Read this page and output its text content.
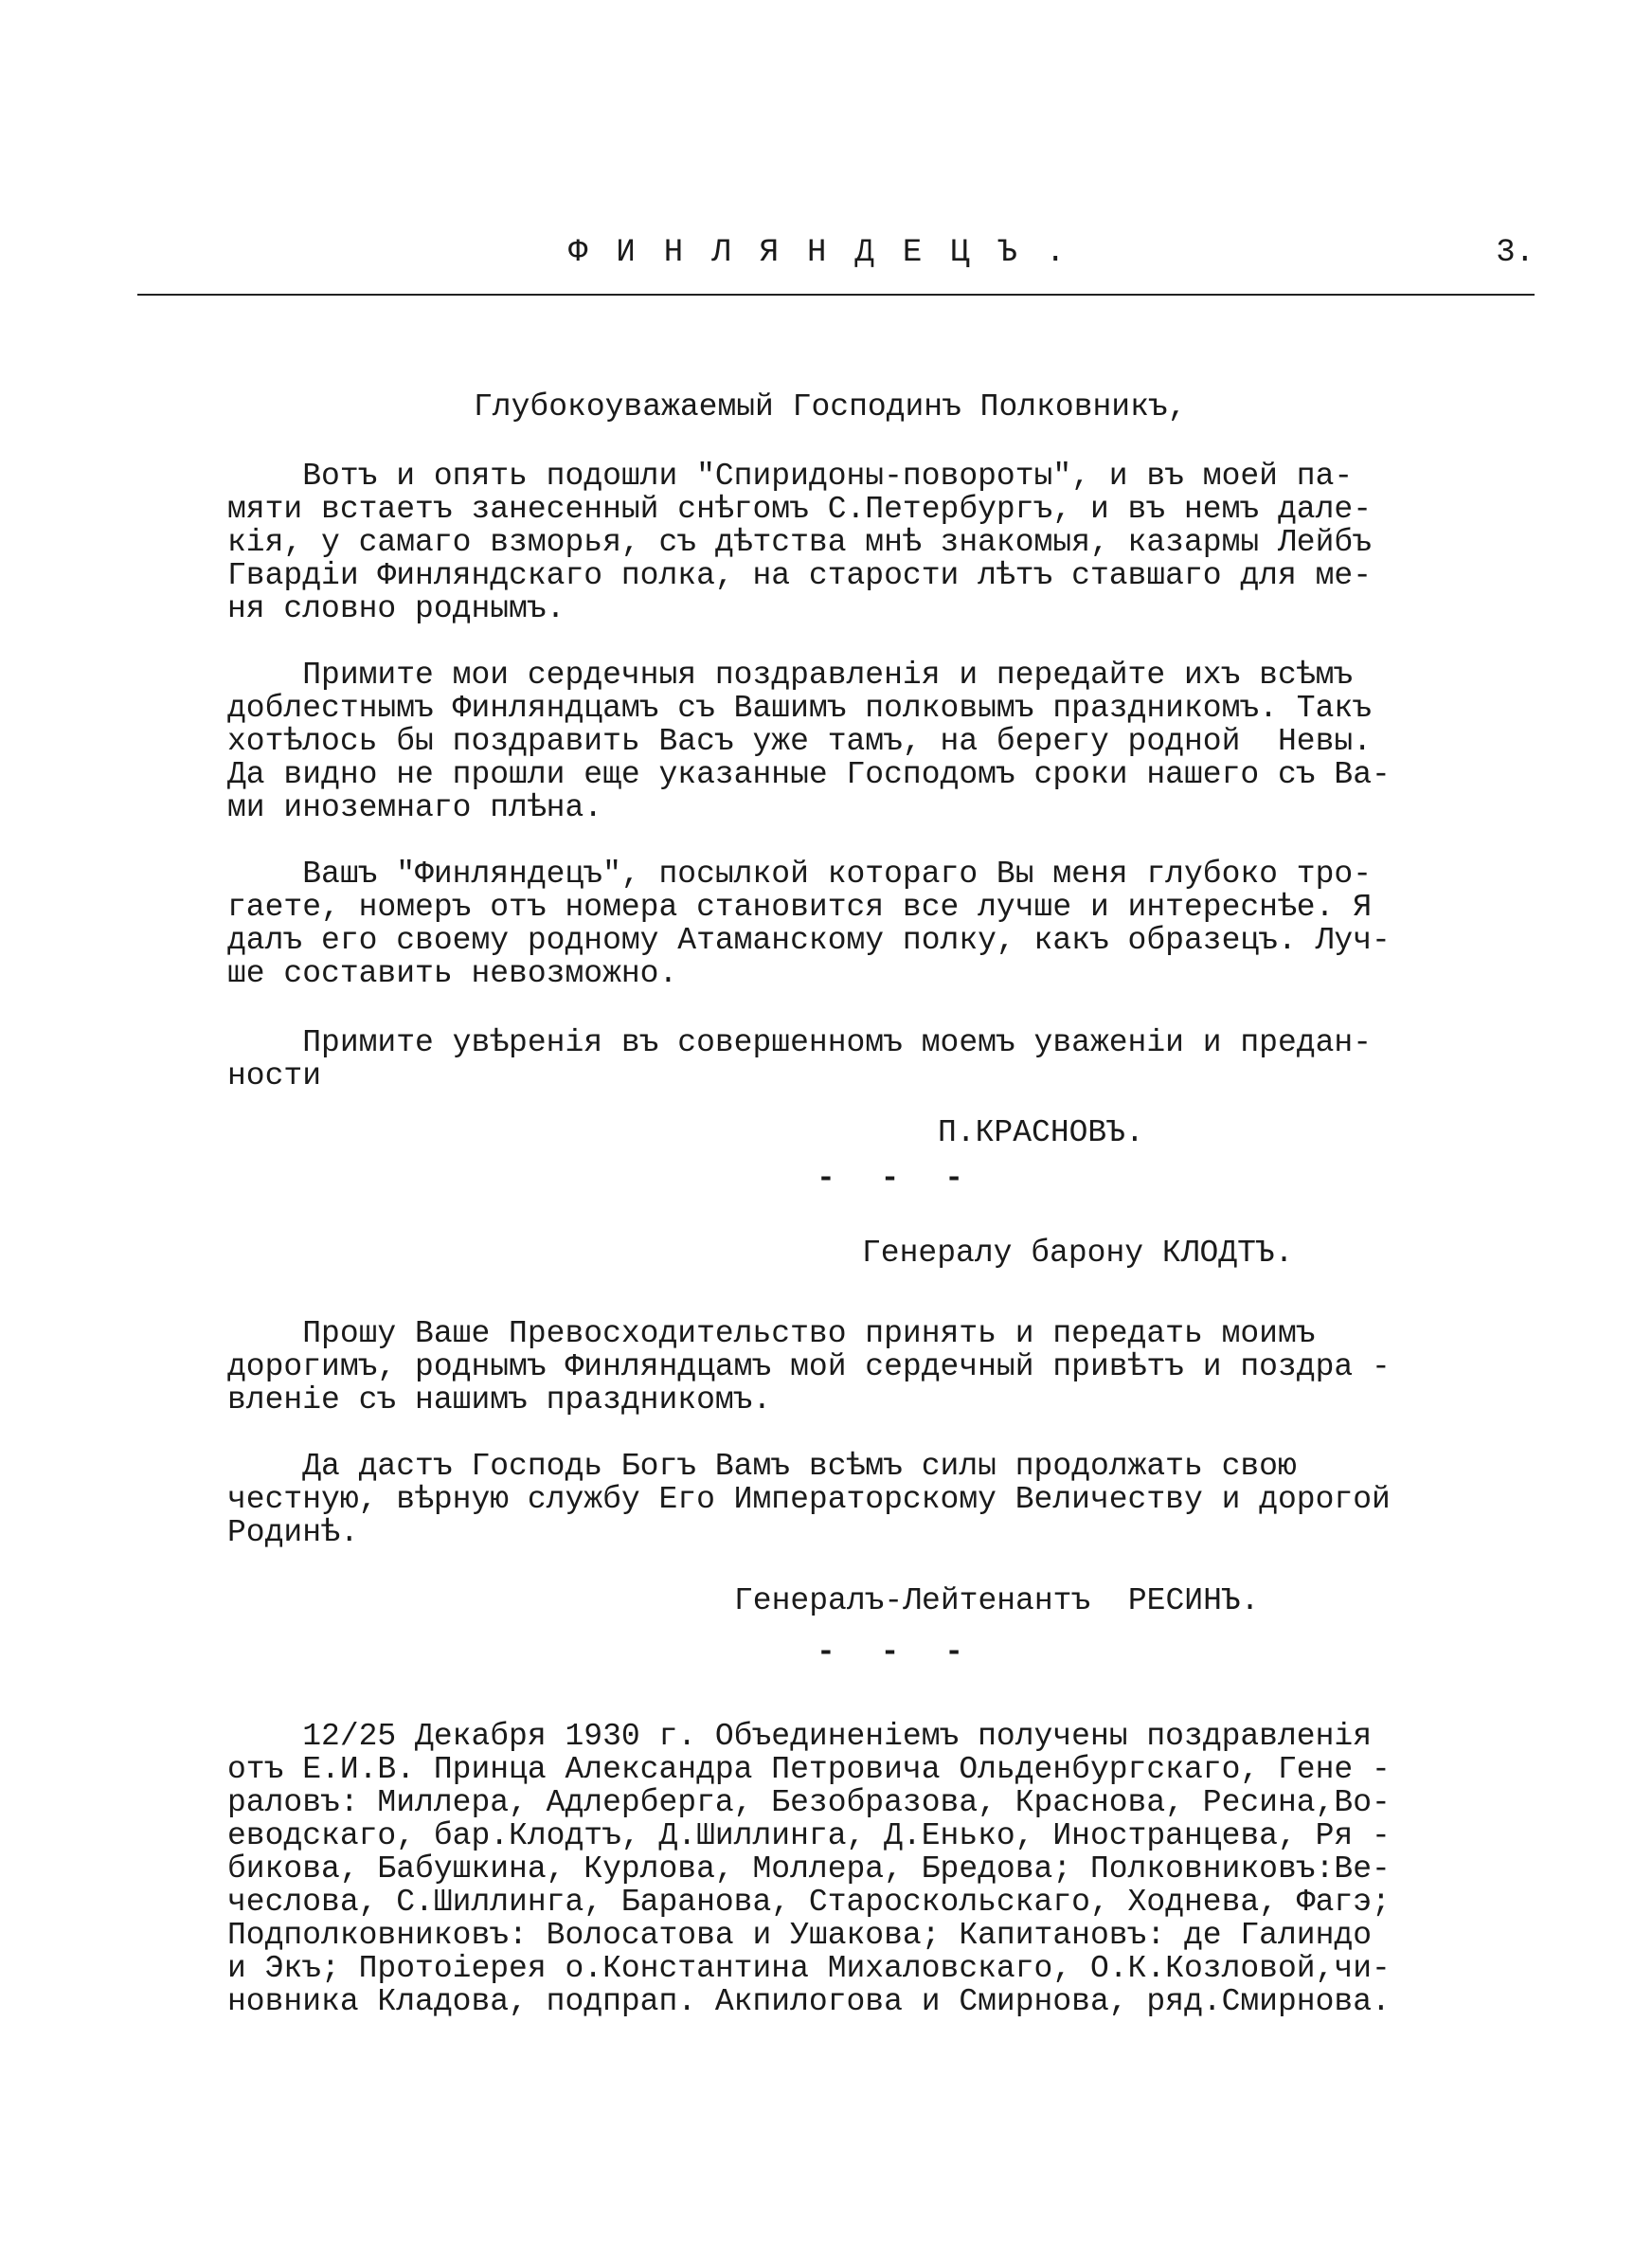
ФИНЛЯНДЕЦЪ.	3.
Глубокоуважаемый Господинъ Полковникъ,
Вотъ и опять подошли "Спиридоны-повороты", и въ моей па-
мяти встаетъ занесенный снѣгомъ С.Петербургъ, и въ немъ дале-
кія, у самаго взморья, съ дѣтства мнѣ знакомыя, казармы Лейбъ
Гвардіи Финляндскаго полка, на старости лѣтъ ставшаго для ме-
ня словно роднымъ.
Примите мои сердечныя поздравленія и передайте ихъ всѣмъ
доблестнымъ Финляндцамъ съ Вашимъ полковымъ праздникомъ. Такъ
хотѣлось бы поздравить Васъ уже тамъ, на берегу родной  Невы.
Да видно не прошли еще указанные Господомъ сроки нашего съ Ва-
ми иноземнаго плѣна.
Вашъ "Финляндецъ", посылкой котораго Вы меня глубоко тро-
гаете, номеръ отъ номера становится все лучше и интереснѣе. Я
далъ его своему родному Атаманскому полку, какъ образецъ. Луч-
ше составить невозможно.
Примите увѣренія въ совершенномъ моемъ уваженіи и предан-
ности
П.КРАСНОВЪ.
- - -
Генералу барону КЛОДТЪ.
Прошу Ваше Превосходительство принять и передать моимъ
дорогимъ, роднымъ Финляндцамъ мой сердечный привѣтъ и поздра -
вленіе съ нашимъ праздникомъ.
Да дастъ Господь Богъ Вамъ всѣмъ силы продолжать свою
честную, вѣрную службу Его Императорскому Величеству и дорогой
Родинѣ.
Генералъ-Лейтенантъ  РЕСИНЪ.
- - -
12/25 Декабря 1930 г. Объединеніемъ получены поздравленія
отъ Е.И.В. Принца Александра Петровича Ольденбургскаго, Гене -
раловъ: Миллера, Адлерберга, Безобразова, Краснова, Ресина,Во-
еводскаго, бар.Клодтъ, Д.Шиллинга, Д.Енько, Иностранцева, Ря -
бикова, Бабушкина, Курлова, Моллера, Бредова; Полковниковъ:Ве-
чеслова, С.Шиллинга, Баранова, Староскольскаго, Ходнева, Фагэ;
Подполковниковъ: Волосатова и Ушакова; Капитановъ: де Галиндо
и Экъ; Протоіерея о.Константина Михаловскаго, О.К.Козловой,чи-
новника Кладова, подпрап. Акпилогова и Смирнова, ряд.Смирнова.
